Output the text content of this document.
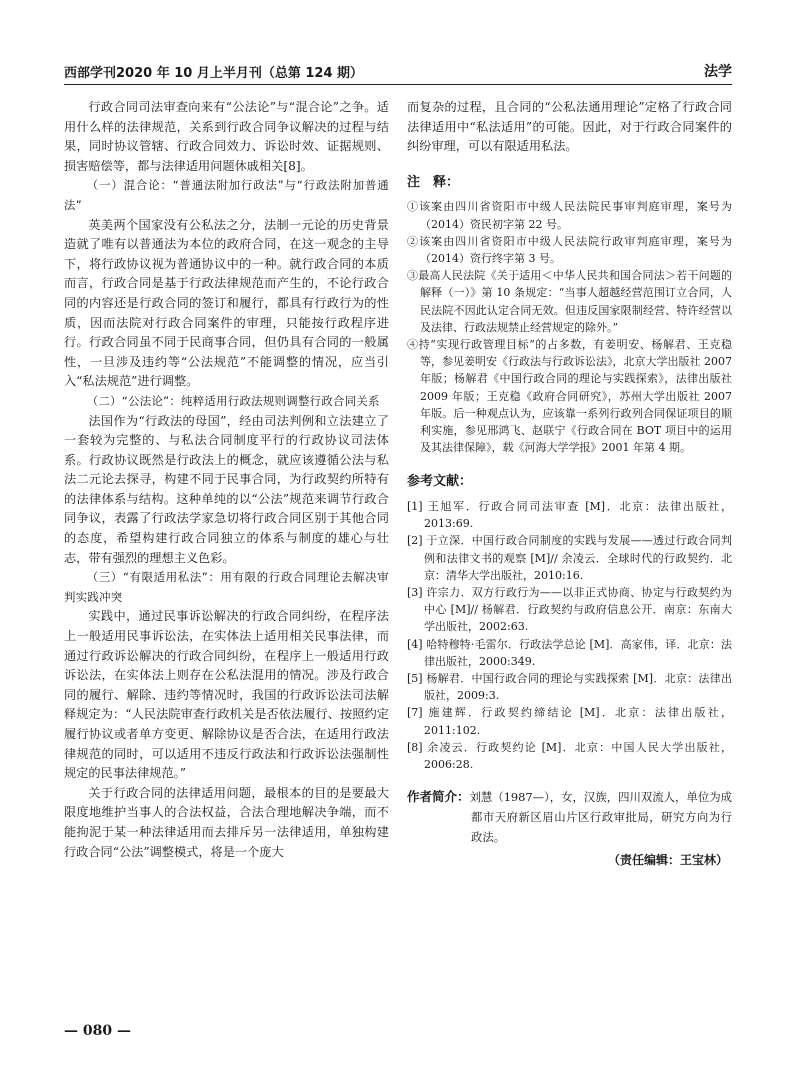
西部学刊2020 年 10 月上半月刊（总第 124 期）	法学

行政合同司法审查向来有“公法论”与“混合论”之争。适用什么样的法律规范，关系到行政合同争议解决的过程与结果，同时协议管辖、行政合同效力、诉讼时效、证据规则、损害赔偿等，都与法律适用问题休戚相关[8]。

（一）混合论：“普通法附加行政法”与“行政法附加普通法”

英美两个国家没有公私法之分，法制一元论的历史背景造就了唯有以普通法为本位的政府合同，在这一观念的主导下，将行政协议视为普通协议中的一种。就行政合同的本质而言，行政合同是基于行政法律规范而产生的，不论行政合同的内容还是行政合同的签订和履行，都具有行政行为的性质，因而法院对行政合同案件的审理，只能按行政程序进行。行政合同虽不同于民商事合同，但仍具有合同的一般属性，一旦涉及违约等“公法规范”不能调整的情况，应当引入“私法规范”进行调整。

（二）“公法论”：纯粹适用行政法规则调整行政合同关系

法国作为“行政法的母国”，经由司法判例和立法建立了一套较为完整的、与私法合同制度平行的行政协议司法体系。行政协议既然是行政法上的概念，就应该遵循公法与私法二元论去探寻，构建不同于民事合同，为行政契约所特有的法律体系与结构。这种单纯的以“公法”规范来调节行政合同争议，表露了行政法学家急切将行政合同区别于其他合同的态度，希望构建行政合同独立的体系与制度的雄心与壮志，带有强烈的理想主义色彩。

（三）“有限适用私法”：用有限的行政合同理论去解决审判实践冲突

实践中，通过民事诉讼解决的行政合同纠纷，在程序法上一般适用民事诉讼法，在实体法上适用相关民事法律，而通过行政诉讼解决的行政合同纠纷，在程序上一般适用行政诉讼法，在实体法上则存在公私法混用的情况。涉及行政合同的履行、解除、违约等情况时，我国的行政诉讼法司法解释规定为：“人民法院审查行政机关是否依法履行、按照约定履行协议或者单方变更、解除协议是否合法，在适用行政法律规范的同时，可以适用不违反行政法和行政诉讼法强制性规定的民事法律规范。”

关于行政合同的法律适用问题，最根本的目的是要最大限度地维护当事人的合法权益，合法合理地解决争端，而不能拘泥于某一种法律适用而去排斥另一法律适用，单独构建行政合同“公法”调整模式，将是一个庞大

而复杂的过程，且合同的“公私法通用理论”定格了行政合同法律适用中“私法适用”的可能。因此，对于行政合同案件的纠纷审理，可以有限适用私法。

注　释：
①该案由四川省资阳市中级人民法院民事审判庭审理，案号为（2014）资民初字第 22 号。
②该案由四川省资阳市中级人民法院行政审判庭审理，案号为（2014）资行终字第 3 号。
③最高人民法院《关于适用＜中华人民共和国合同法＞若干问题的解释（一）》第 10 条规定：“当事人超越经营范围订立合同，人民法院不因此认定合同无效。但违反国家限制经营、特许经营以及法律、行政法规禁止经营规定的除外。”
④持“实现行政管理目标”的占多数，有姜明安、杨解君、王克稳等，参见姜明安《行政法与行政诉讼法》，北京大学出版社 2007 年版；杨解君《中国行政合同的理论与实践探索》，法律出版社 2009 年版；王克稳《政府合同研究》，苏州大学出版社 2007 年版。后一种观点认为，应该靠一系列行政列合同保证项目的顺利实施，参见邢鸿飞、赵联宁《行政合同在 BOT 项目中的运用及其法律保障》，载《河海大学学报》2001 年第 4 期。
参考文献：
[1] 王旭军．行政合同司法审查 [M]．北京：法律出版社，2013:69.
[2] 于立深．中国行政合同制度的实践与发展——透过行政合同判例和法律文书的观察 [M]// 余凌云．全球时代的行政契约．北京：清华大学出版社，2010:16.
[3] 许宗力．双方行政行为——以非正式协商、协定与行政契约为中心 [M]// 杨解君．行政契约与政府信息公开．南京：东南大学出版社，2002:63.
[4] 哈特穆特·毛雷尔．行政法学总论 [M]．高家伟，译．北京：法律出版社，2000:349.
[5] 杨解君．中国行政合同的理论与实践探索 [M]．北京：法律出版社，2009:3.
[7] 施建辉．行政契约缔结论 [M]．北京：法律出版社，2011:102.
[8] 余凌云．行政契约论 [M]．北京：中国人民大学出版社，2006:28.
作者简介：刘慧（1987—），女，汉族，四川双流人，单位为成都市天府新区眉山片区行政审批局，研究方向为行政法。
（责任编辑：王宝林）
— 080 —
